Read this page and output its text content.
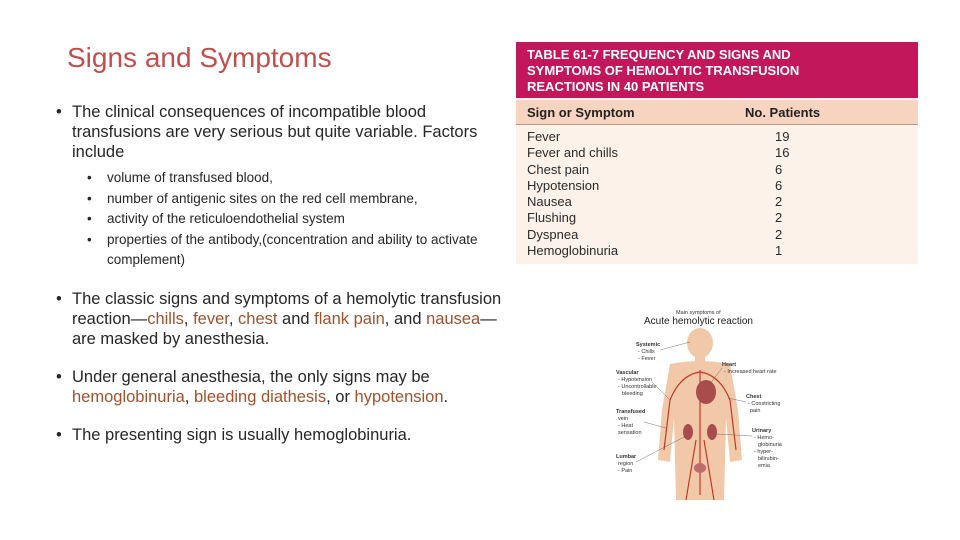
Signs and Symptoms
• The clinical consequences of incompatible blood transfusions are very serious but quite variable. Factors include
• volume of transfused blood,
• number of antigenic sites on the red cell membrane,
• activity of the reticuloendothelial system
• properties of the antibody,(concentration and ability to activate complement)
• The classic signs and symptoms of a hemolytic transfusion reaction—chills, fever, chest and flank pain, and nausea—are masked by anesthesia.
• Under general anesthesia, the only signs may be hemoglobinuria, bleeding diathesis, or hypotension.
• The presenting sign is usually hemoglobinuria.
TABLE 61-7 FREQUENCY AND SIGNS AND
SYMPTOMS OF HEMOLYTIC TRANSFUSION
REACTIONS IN 40 PATIENTS
Sign or Symptom	No. Patients
Fever	19
Fever and chills	16
Chest pain	6
Hypotension	6
Nausea	2
Flushing	2
Dyspnea	2
Hemoglobinuria	1
Main symptoms of
Acute hemolytic reaction
Systemic
- Chills
- Fever
Vascular
- Hypotension
- Uncontrollable
bleeding
Transfused
vein
- Heat
sensation
Lumbar
region
- Pain
Heart
- Increased heart rate
Chest
- Constricting
pain
Urinary
- Hemo-
globinuria
- hyper-
bilirubin-
emia
